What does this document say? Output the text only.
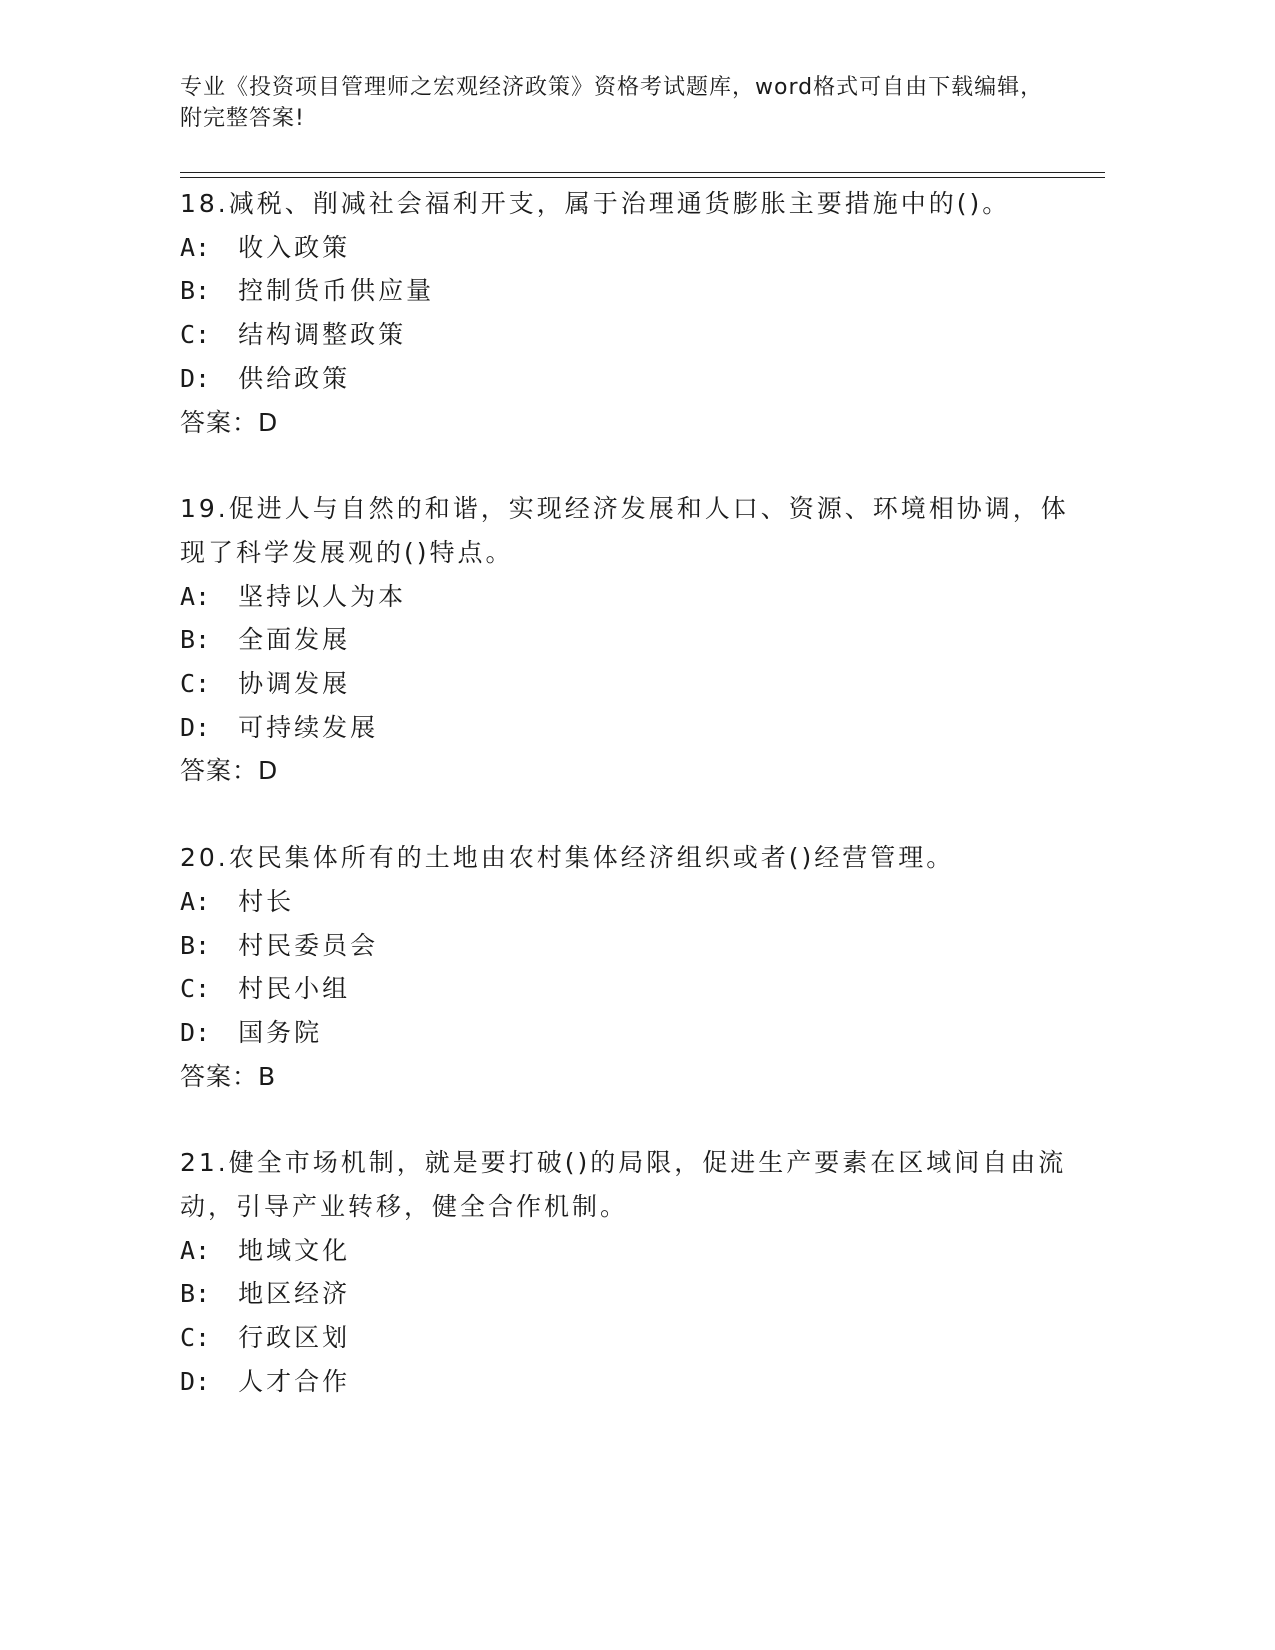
专业《投资项目管理师之宏观经济政策》资格考试题库，word格式可自由下载编辑，附完整答案!
18.减税、削减社会福利开支，属于治理通货膨胀主要措施中的()。
A: 收入政策
B: 控制货币供应量
C: 结构调整政策
D: 供给政策
答案：D
19.促进人与自然的和谐，实现经济发展和人口、资源、环境相协调，体现了科学发展观的()特点。
A: 坚持以人为本
B: 全面发展
C: 协调发展
D: 可持续发展
答案：D
20.农民集体所有的土地由农村集体经济组织或者()经营管理。
A: 村长
B: 村民委员会
C: 村民小组
D: 国务院
答案：B
21.健全市场机制，就是要打破()的局限，促进生产要素在区域间自由流动，引导产业转移，健全合作机制。
A: 地域文化
B: 地区经济
C: 行政区划
D: 人才合作
